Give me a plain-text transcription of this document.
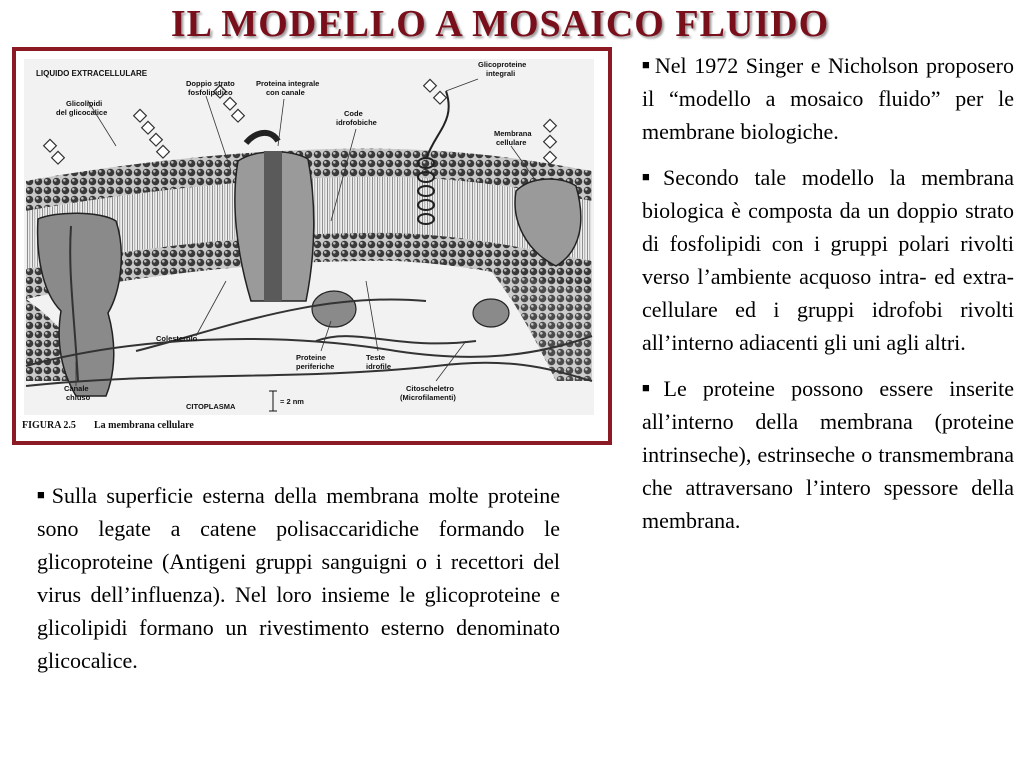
IL MODELLO A MOSAICO FLUIDO
LIQUIDO EXTRACELLULARE
Glicolipidi
del glicocalice
Doppio strato
fosfolipidico
Proteina integrale
con canale
Code
idrofobiche
Glicoproteine
integrali
Membrana
cellulare
Colesterolo
Proteine
periferiche
Teste
idrofile
Canale
chiuso
CITOPLASMA
= 2 nm
Citoscheletro
(Microfilamenti)
FIGURA 2.5 La membrana cellulare

■ Nel 1972 Singer e Nicholson proposero il “modello a mosaico fluido” per le membrane biologiche.

■ Secondo tale modello la membrana biologica è composta da un doppio strato di fosfolipidi con i gruppi polari rivolti verso l’ambiente acquoso intra- ed extra-cellulare ed i gruppi idrofobi rivolti all’interno adiacenti gli uni agli altri.

■ Le proteine possono essere inserite all’interno della membrana (proteine intrinseche), estrinseche o transmembrana che attraversano l’intero spessore della membrana.

■ Sulla superficie esterna della membrana molte proteine sono legate a catene polisaccaridiche formando le glicoproteine (Antigeni gruppi sanguigni o i recettori del virus dell’influenza). Nel loro insieme le glicoproteine e glicolipidi formano un rivestimento esterno denominato glicocalice.
